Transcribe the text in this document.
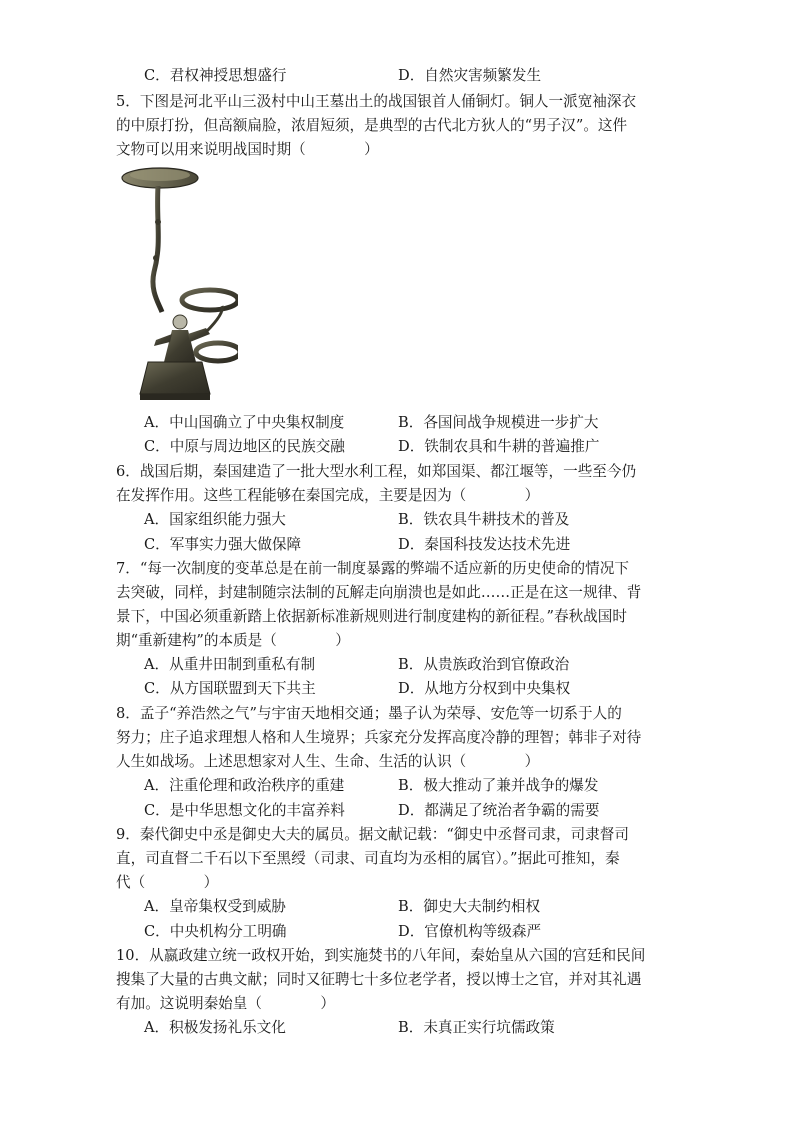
C．君权神授思想盛行	D．自然灾害频繁发生
5．下图是河北平山三汲村中山王墓出土的战国银首人俑铜灯。铜人一派宽袖深衣
的中原打扮，但高额扁脸，浓眉短须，是典型的古代北方狄人的“男子汉”。这件
文物可以用来说明战国时期（　　　　）
A．中山国确立了中央集权制度	B．各国间战争规模进一步扩大
C．中原与周边地区的民族交融	D．铁制农具和牛耕的普遍推广
6．战国后期，秦国建造了一批大型水利工程，如郑国渠、都江堰等，一些至今仍
在发挥作用。这些工程能够在秦国完成，主要是因为（　　　　）
A．国家组织能力强大	B．铁农具牛耕技术的普及
C．军事实力强大做保障	D．秦国科技发达技术先进
7．“每一次制度的变革总是在前一制度暴露的弊端不适应新的历史使命的情况下
去突破，同样，封建制随宗法制的瓦解走向崩溃也是如此……正是在这一规律、背
景下，中国必须重新踏上依据新标准新规则进行制度建构的新征程。”春秋战国时
期“重新建构”的本质是（　　　　）
A．从重井田制到重私有制	B．从贵族政治到官僚政治
C．从方国联盟到天下共主	D．从地方分权到中央集权
8．孟子“养浩然之气”与宇宙天地相交通；墨子认为荣辱、安危等一切系于人的
努力；庄子追求理想人格和人生境界；兵家充分发挥高度冷静的理智；韩非子对待
人生如战场。上述思想家对人生、生命、生活的认识（　　　　）
A．注重伦理和政治秩序的重建	B．极大推动了兼并战争的爆发
C．是中华思想文化的丰富养料	D．都满足了统治者争霸的需要
9．秦代御史中丞是御史大夫的属员。据文献记载：“御史中丞督司隶，司隶督司
直，司直督二千石以下至黑绶（司隶、司直均为丞相的属官）。”据此可推知，秦
代（　　　　）
A．皇帝集权受到威胁	B．御史大夫制约相权
C．中央机构分工明确	D．官僚机构等级森严
10．从嬴政建立统一政权开始，到实施焚书的八年间，秦始皇从六国的宫廷和民间
搜集了大量的古典文献；同时又征聘七十多位老学者，授以博士之官，并对其礼遇
有加。这说明秦始皇（　　　　）
A．积极发扬礼乐文化	B．未真正实行坑儒政策
